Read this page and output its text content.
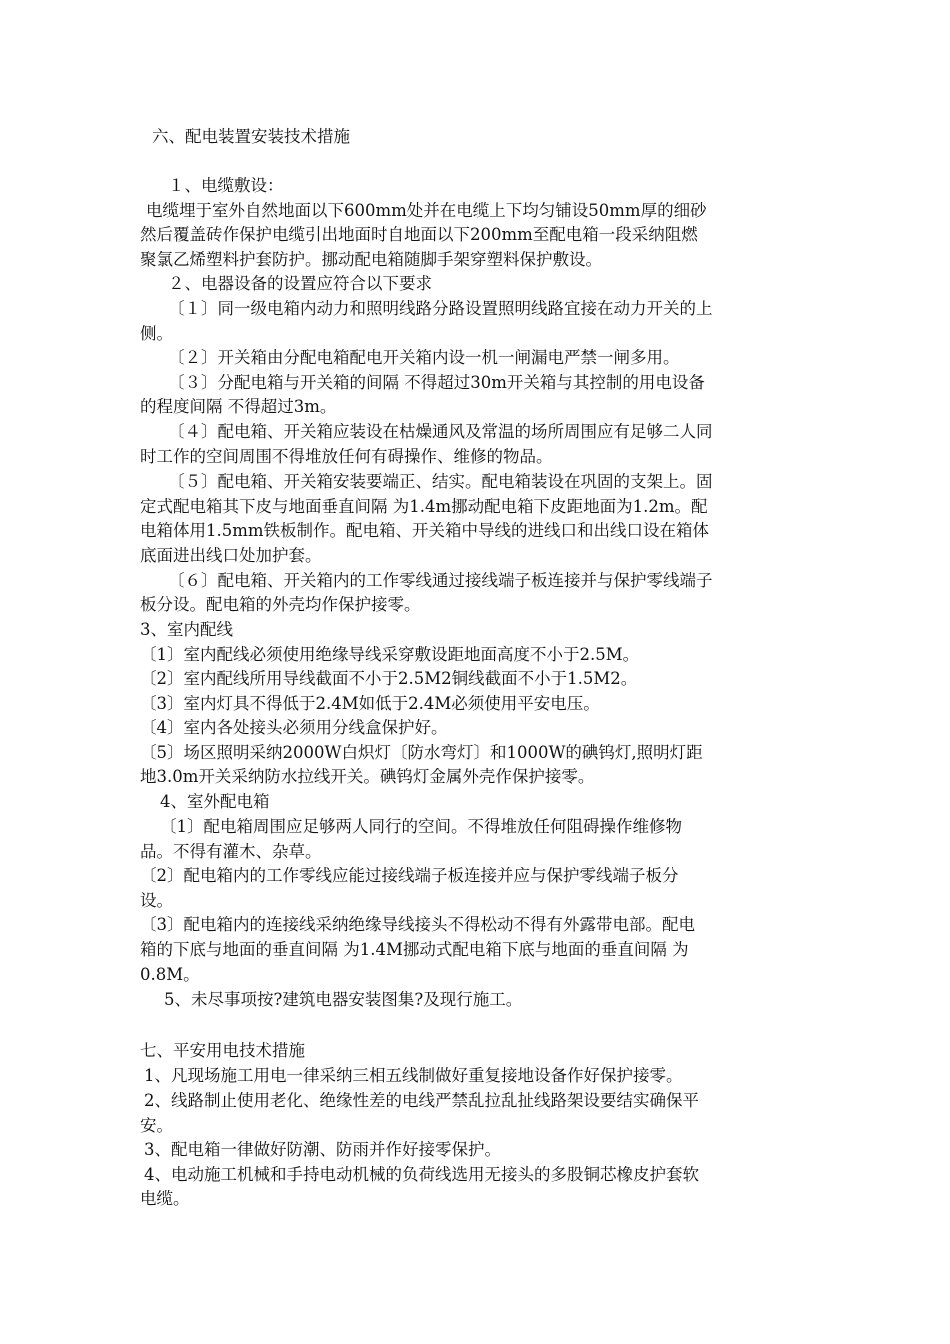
六、配电装置安装技术措施
１、电缆敷设：
电缆埋于室外自然地面以下600mm处并在电缆上下均匀铺设50mm厚的细砂
然后覆盖砖作保护电缆引出地面时自地面以下200mm至配电箱一段采纳阻燃
聚氯乙烯塑料护套防护。挪动配电箱随脚手架穿塑料保护敷设。
２、电器设备的设置应符合以下要求
〔１〕同一级电箱内动力和照明线路分路设置照明线路宜接在动力开关的上
侧。
〔２〕开关箱由分配电箱配电开关箱内设一机一闸漏电严禁一闸多用。
〔３〕分配电箱与开关箱的间隔 不得超过30m开关箱与其控制的用电设备
的程度间隔 不得超过3m。
〔４〕配电箱、开关箱应装设在枯燥通风及常温的场所周围应有足够二人同
时工作的空间周围不得堆放任何有碍操作、维修的物品。
〔５〕配电箱、开关箱安装要端正、结实。配电箱装设在巩固的支架上。固
定式配电箱其下皮与地面垂直间隔 为1.4m挪动配电箱下皮距地面为1.2m。配
电箱体用1.5mm铁板制作。配电箱、开关箱中导线的进线口和出线口设在箱体
底面进出线口处加护套。
〔６〕配电箱、开关箱内的工作零线通过接线端子板连接并与保护零线端子
板分设。配电箱的外壳均作保护接零。
3、室内配线
〔1〕室内配线必须使用绝缘导线采穿敷设距地面高度不小于2.5M。
〔2〕室内配线所用导线截面不小于2.5M2铜线截面不小于1.5M2。
〔3〕室内灯具不得低于2.4M如低于2.4M必须使用平安电压。
〔4〕室内各处接头必须用分线盒保护好。
〔5〕场区照明采纳2000W白炽灯〔防水弯灯〕和1000W的碘钨灯,照明灯距
地3.0m开关采纳防水拉线开关。碘钨灯金属外壳作保护接零。
4、室外配电箱
〔1〕配电箱周围应足够两人同行的空间。不得堆放任何阻碍操作维修物
品。不得有灌木、杂草。
〔2〕配电箱内的工作零线应能过接线端子板连接并应与保护零线端子板分
设。
〔3〕配电箱内的连接线采纳绝缘导线接头不得松动不得有外露带电部。配电
箱的下底与地面的垂直间隔 为1.4M挪动式配电箱下底与地面的垂直间隔 为
0.8M。
5、未尽事项按?建筑电器安装图集?及现行施工。
七、平安用电技术措施
1、凡现场施工用电一律采纳三相五线制做好重复接地设备作好保护接零。
2、线路制止使用老化、绝缘性差的电线严禁乱拉乱扯线路架设要结实确保平
安。
3、配电箱一律做好防潮、防雨并作好接零保护。
4、电动施工机械和手持电动机械的负荷线选用无接头的多股铜芯橡皮护套软
电缆。
